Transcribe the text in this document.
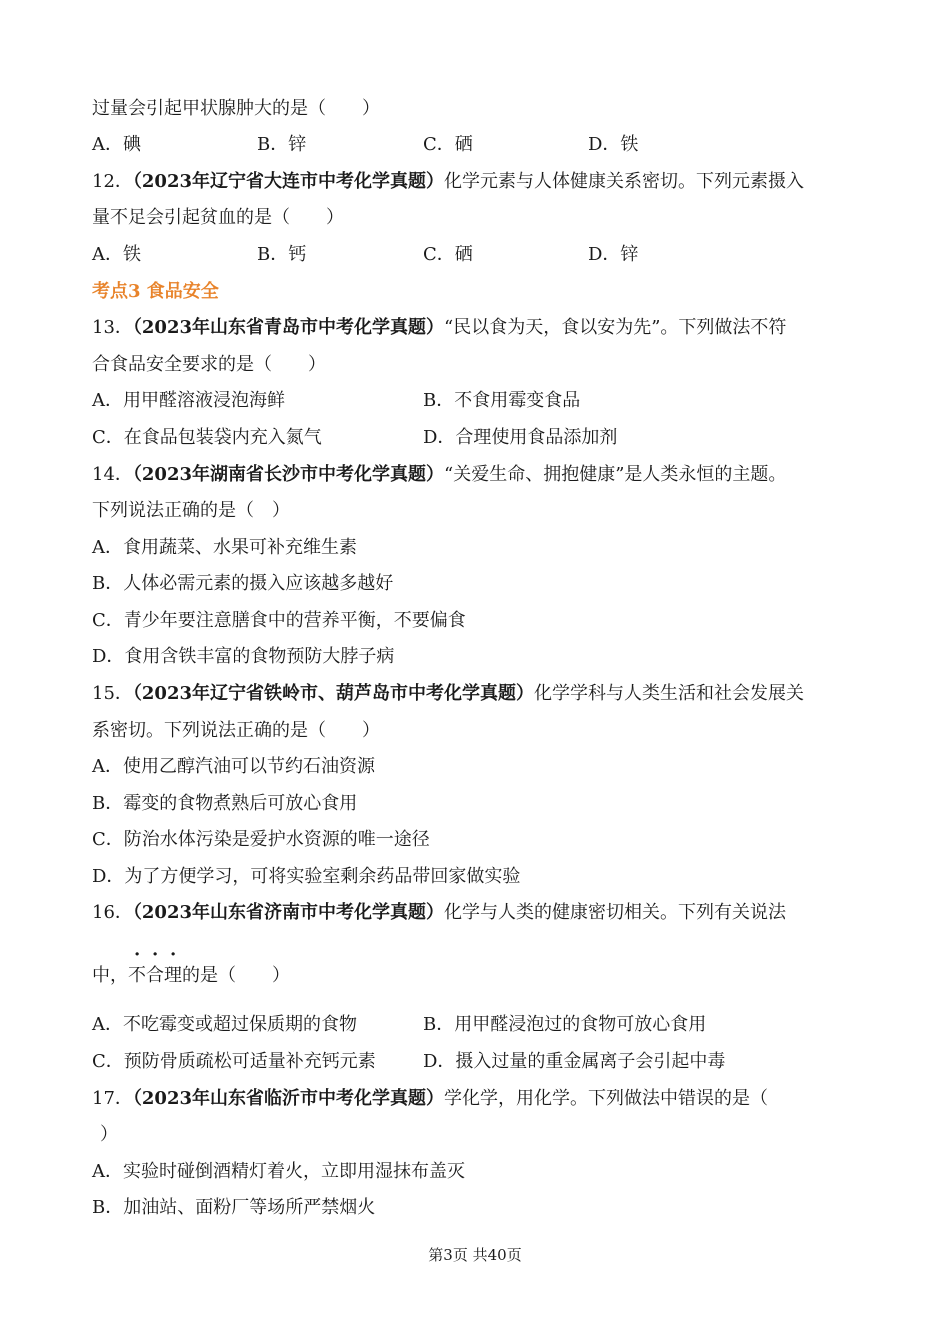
过量会引起甲状腺肿大的是（　　）
A．碘	B．锌	C．硒	D．铁
12．（2023年辽宁省大连市中考化学真题）化学元素与人体健康关系密切。下列元素摄入
量不足会引起贫血的是（　　）
A．铁	B．钙	C．硒	D．锌
考点3 食品安全
13．（2023年山东省青岛市中考化学真题）“民以食为天，食以安为先”。下列做法不符
合食品安全要求的是（　　）
A．用甲醛溶液浸泡海鲜	B．不食用霉变食品
C．在食品包装袋内充入氮气	D．合理使用食品添加剂
14．（2023年湖南省长沙市中考化学真题）“关爱生命、拥抱健康”是人类永恒的主题。
下列说法正确的是（　）
A．食用蔬菜、水果可补充维生素
B．人体必需元素的摄入应该越多越好
C．青少年要注意膳食中的营养平衡，不要偏食
D．食用含铁丰富的食物预防大脖子病
15．（2023年辽宁省铁岭市、葫芦岛市中考化学真题）化学学科与人类生活和社会发展关
系密切。下列说法正确的是（　　）
A．使用乙醇汽油可以节约石油资源
B．霉变的食物煮熟后可放心食用
C．防治水体污染是爱护水资源的唯一途径
D．为了方便学习，可将实验室剩余药品带回家做实验
16．（2023年山东省济南市中考化学真题）化学与人类的健康密切相关。下列有关说法
· · ·
中，不合理的是（　　）
A．不吃霉变或超过保质期的食物	B．用甲醛浸泡过的食物可放心食用
C．预防骨质疏松可适量补充钙元素	D．摄入过量的重金属离子会引起中毒
17．（2023年山东省临沂市中考化学真题）学化学，用化学。下列做法中错误的是（
）
A．实验时碰倒酒精灯着火，立即用湿抹布盖灭
B．加油站、面粉厂等场所严禁烟火
第3页 共40页
